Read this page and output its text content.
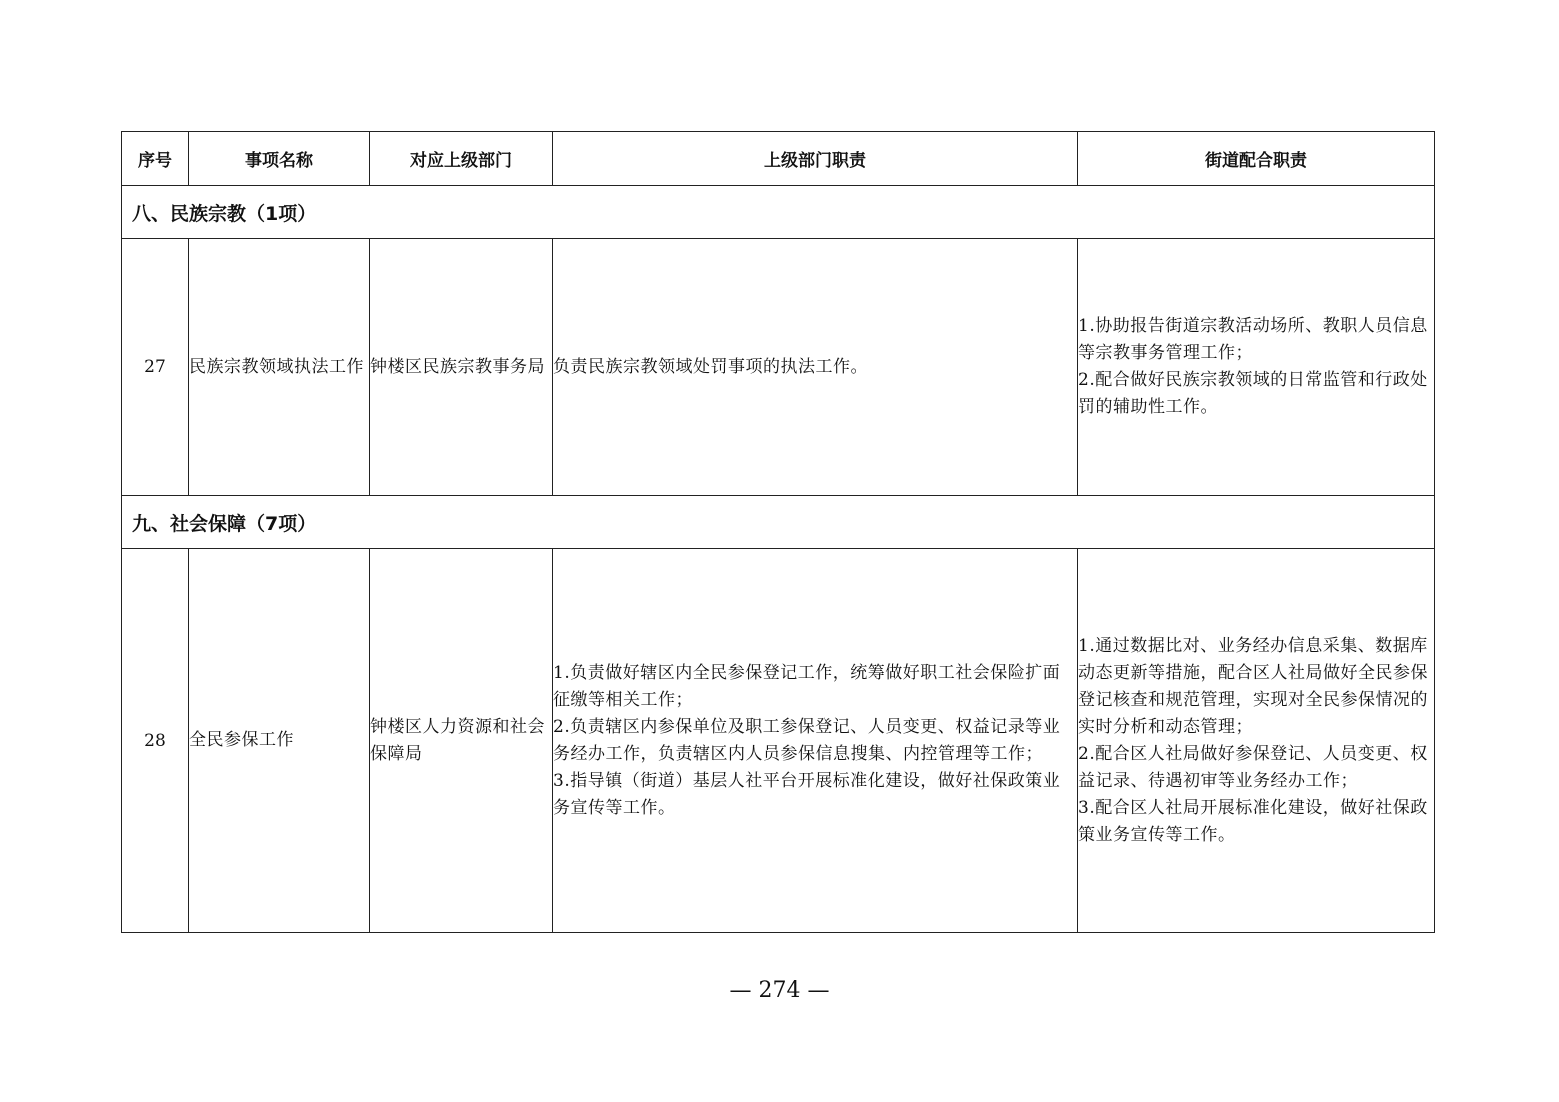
序号	事项名称	对应上级部门	上级部门职责	街道配合职责
八、民族宗教（1项）				
27	民族宗教领域执法工作	钟楼区民族宗教事务局	负责民族宗教领域处罚事项的执法工作。	1.协助报告街道宗教活动场所、教职人员信息等宗教事务管理工作；
2.配合做好民族宗教领域的日常监管和行政处罚的辅助性工作。

九、社会保障（7项）				
28	全民参保工作	钟楼区人力资源和社会保障局	1.负责做好辖区内全民参保登记工作，统筹做好职工社会保险扩面征缴等相关工作；
2.负责辖区内参保单位及职工参保登记、人员变更、权益记录等业务经办工作，负责辖区内人员参保信息搜集、内控管理等工作；
3.指导镇（街道）基层人社平台开展标准化建设，做好社保政策业务宣传等工作。	1.通过数据比对、业务经办信息采集、数据库动态更新等措施，配合区人社局做好全民参保登记核查和规范管理，实现对全民参保情况的实时分析和动态管理；
2.配合区人社局做好参保登记、人员变更、权益记录、待遇初审等业务经办工作；
3.配合区人社局开展标准化建设，做好社保政策业务宣传等工作。
— 274 —
